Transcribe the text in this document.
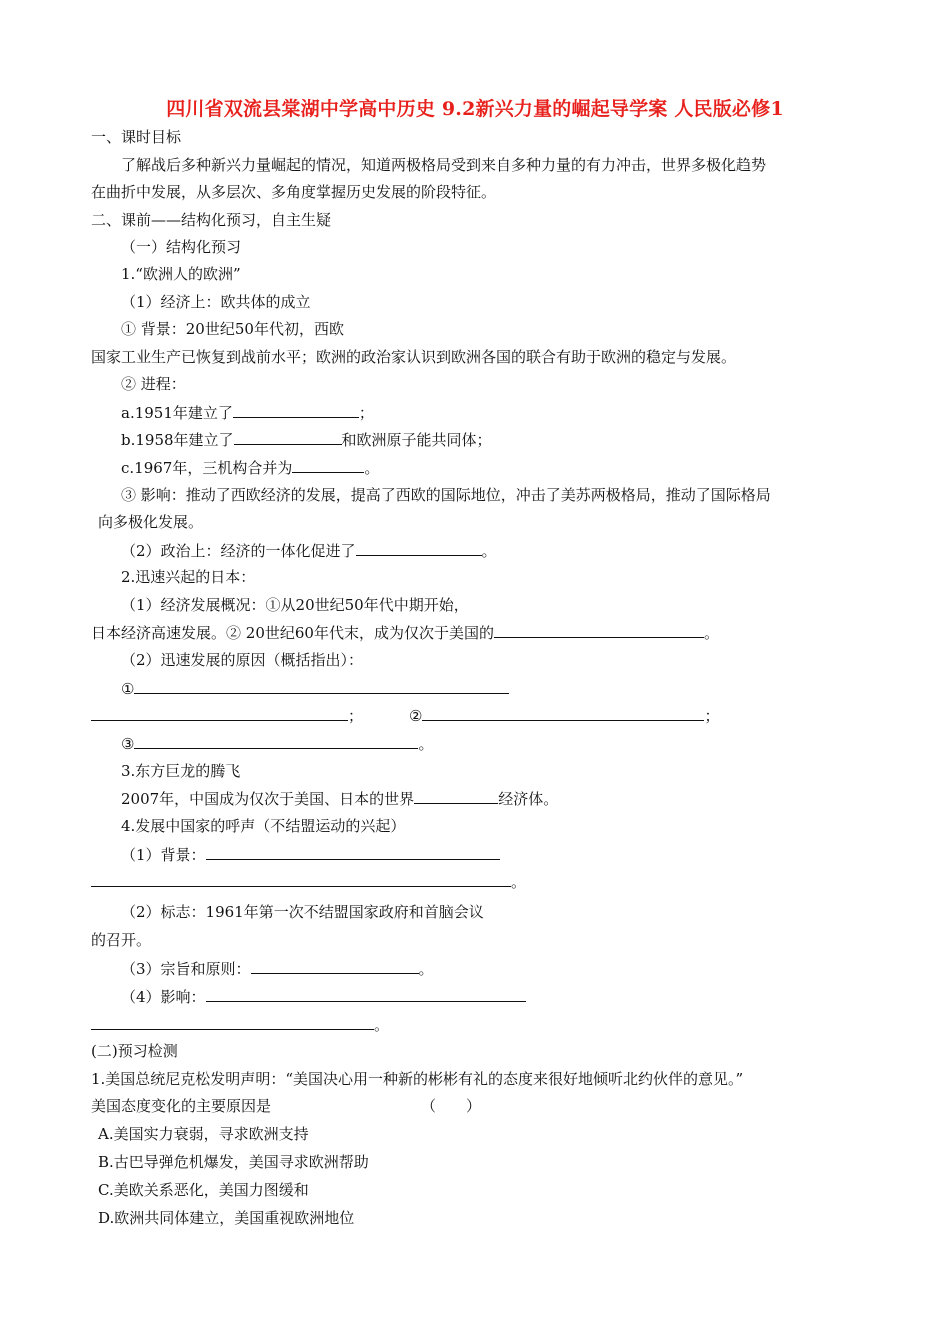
四川省双流县棠湖中学高中历史 9.2新兴力量的崛起导学案 人民版必修1
一、课时目标
了解战后多种新兴力量崛起的情况，知道两极格局受到来自多种力量的有力冲击，世界多极化趋势
在曲折中发展，从多层次、多角度掌握历史发展的阶段特征。
二、课前——结构化预习，自主生疑
（一）结构化预习
1.“欧洲人的欧洲”
（1）经济上：欧共体的成立
① 背景：20世纪50年代初，西欧
国家工业生产已恢复到战前水平；欧洲的政治家认识到欧洲各国的联合有助于欧洲的稳定与发展。
② 进程：
a.1951年建立了	；
b.1958年建立了	和欧洲原子能共同体；
c.1967年，三机构合并为	。
③ 影响：推动了西欧经济的发展，提高了西欧的国际地位，冲击了美苏两极格局，推动了国际格局
向多极化发展。
（2）政治上：经济的一体化促进了	。
2.迅速兴起的日本：
（1）经济发展概况：①从20世纪50年代中期开始，
日本经济高速发展。② 20世纪60年代末，成为仅次于美国的	。
（2）迅速发展的原因（概括指出）：
①
；	②	；
③	。
3.东方巨龙的腾飞
2007年，中国成为仅次于美国、日本的世界	经济体。
4.发展中国家的呼声（不结盟运动的兴起）
（1）背景：
。
（2）标志：1961年第一次不结盟国家政府和首脑会议
的召开。
（3）宗旨和原则：	。
（4）影响：
。
(二)预习检测
1.美国总统尼克松发明声明：“美国决心用一种新的彬彬有礼的态度来很好地倾听北约伙伴的意见。”
美国态度变化的主要原因是	（　　）
A.美国实力衰弱，寻求欧洲支持
B.古巴导弹危机爆发，美国寻求欧洲帮助
C.美欧关系恶化，美国力图缓和
D.欧洲共同体建立，美国重视欧洲地位
